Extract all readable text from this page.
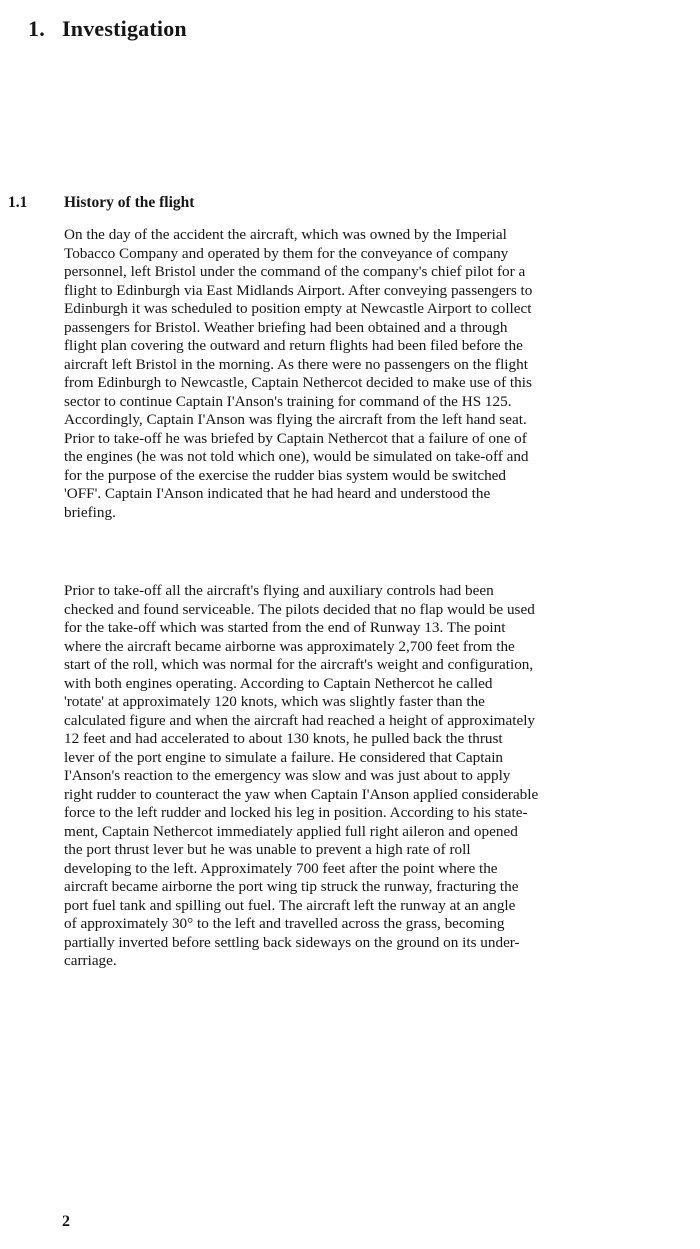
1. Investigation
1.1 History of the flight
On the day of the accident the aircraft, which was owned by the Imperial
Tobacco Company and operated by them for the conveyance of company
personnel, left Bristol under the command of the company's chief pilot for a
flight to Edinburgh via East Midlands Airport. After conveying passengers to
Edinburgh it was scheduled to position empty at Newcastle Airport to collect
passengers for Bristol. Weather briefing had been obtained and a through
flight plan covering the outward and return flights had been filed before the
aircraft left Bristol in the morning. As there were no passengers on the flight
from Edinburgh to Newcastle, Captain Nethercot decided to make use of this
sector to continue Captain I'Anson's training for command of the HS 125.
Accordingly, Captain I'Anson was flying the aircraft from the left hand seat.
Prior to take-off he was briefed by Captain Nethercot that a failure of one of
the engines (he was not told which one), would be simulated on take-off and
for the purpose of the exercise the rudder bias system would be switched
'OFF'. Captain I'Anson indicated that he had heard and understood the
briefing.
Prior to take-off all the aircraft's flying and auxiliary controls had been
checked and found serviceable. The pilots decided that no flap would be used
for the take-off which was started from the end of Runway 13. The point
where the aircraft became airborne was approximately 2,700 feet from the
start of the roll, which was normal for the aircraft's weight and configuration,
with both engines operating. According to Captain Nethercot he called
'rotate' at approximately 120 knots, which was slightly faster than the
calculated figure and when the aircraft had reached a height of approximately
12 feet and had accelerated to about 130 knots, he pulled back the thrust
lever of the port engine to simulate a failure. He considered that Captain
I'Anson's reaction to the emergency was slow and was just about to apply
right rudder to counteract the yaw when Captain I'Anson applied considerable
force to the left rudder and locked his leg in position. According to his state-
ment, Captain Nethercot immediately applied full right aileron and opened
the port thrust lever but he was unable to prevent a high rate of roll
developing to the left. Approximately 700 feet after the point where the
aircraft became airborne the port wing tip struck the runway, fracturing the
port fuel tank and spilling out fuel. The aircraft left the runway at an angle
of approximately 30° to the left and travelled across the grass, becoming
partially inverted before settling back sideways on the ground on its under-
carriage.
2
